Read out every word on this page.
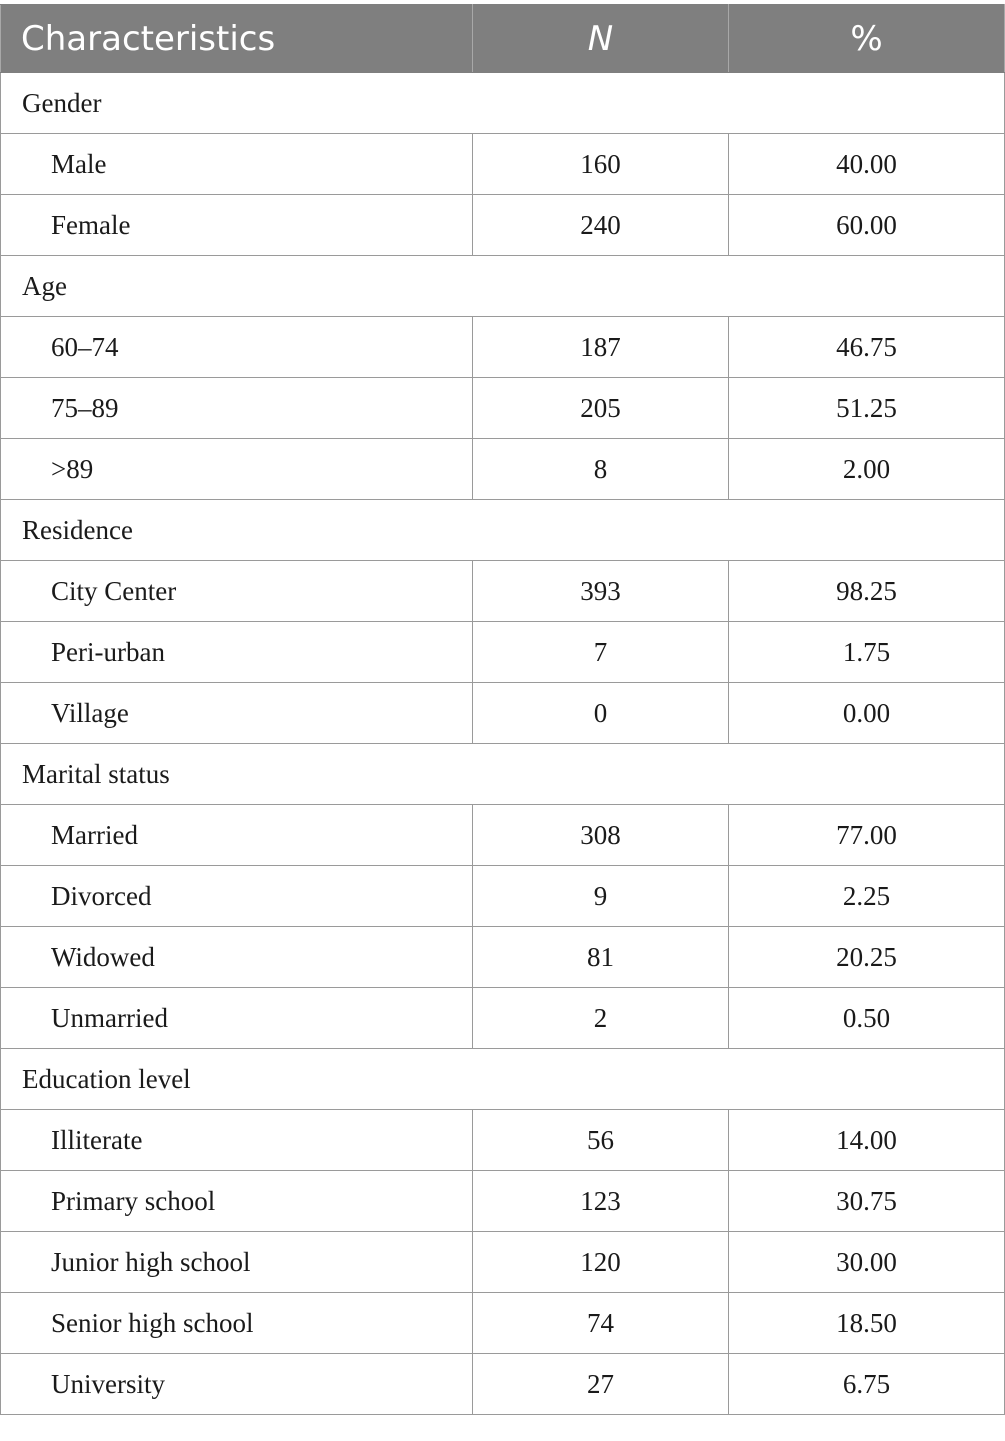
Characteristics	N	%
Gender		
Male	160	40.00
Female	240	60.00
Age		
60–74	187	46.75
75–89	205	51.25
>89	8	2.00
Residence		
City Center	393	98.25
Peri-urban	7	1.75
Village	0	0.00
Marital status		
Married	308	77.00
Divorced	9	2.25
Widowed	81	20.25
Unmarried	2	0.50
Education level		
Illiterate	56	14.00
Primary school	123	30.75
Junior high school	120	30.00
Senior high school	74	18.50
University	27	6.75
